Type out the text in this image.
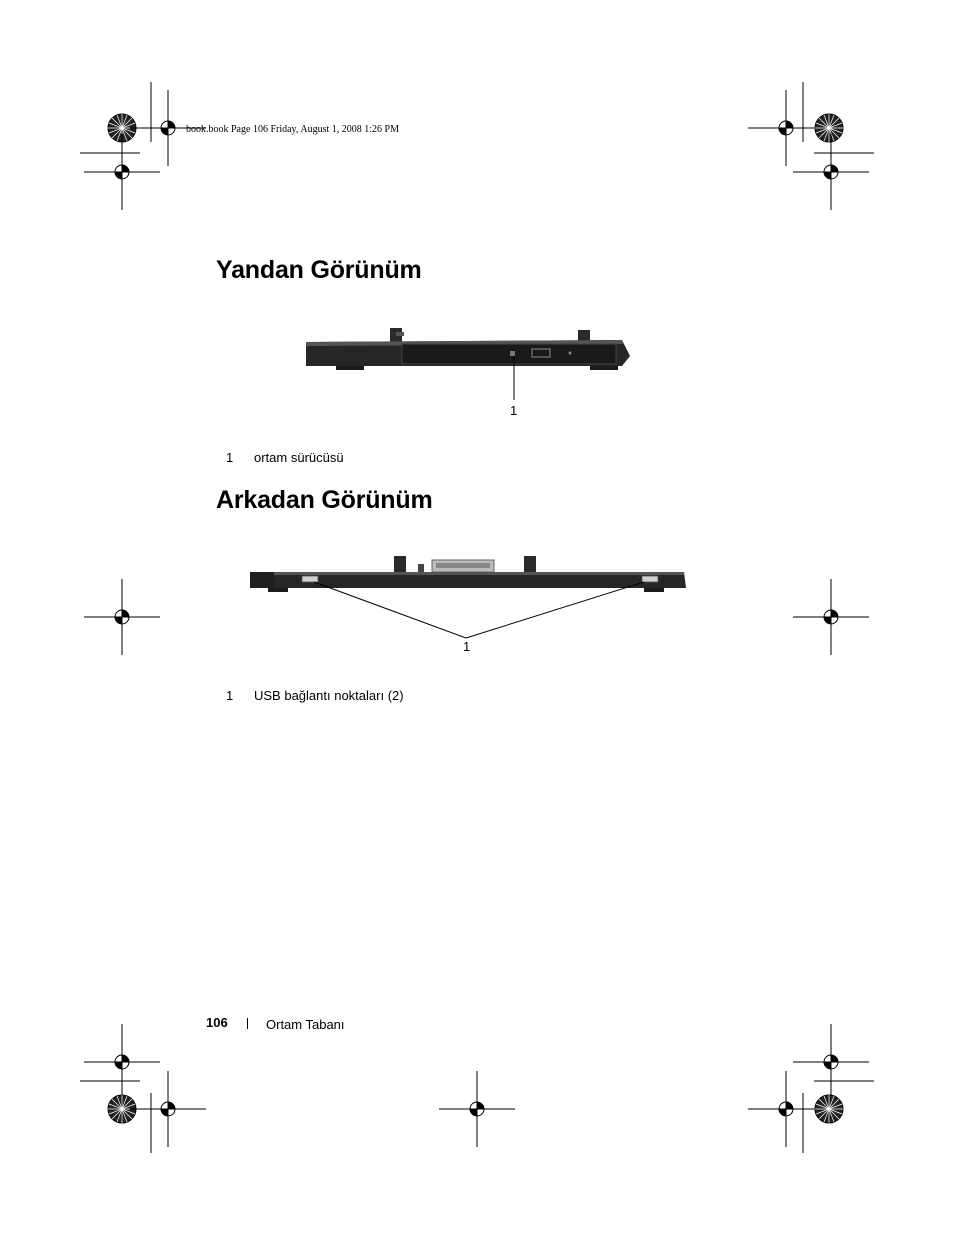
book.book Page 106 Friday, August 1, 2008 1:26 PM
Yandan Görünüm
1
1 ortam sürücüsü
Arkadan Görünüm
1
1 USB bağlantı noktaları (2)
106	Ortam Tabanı
